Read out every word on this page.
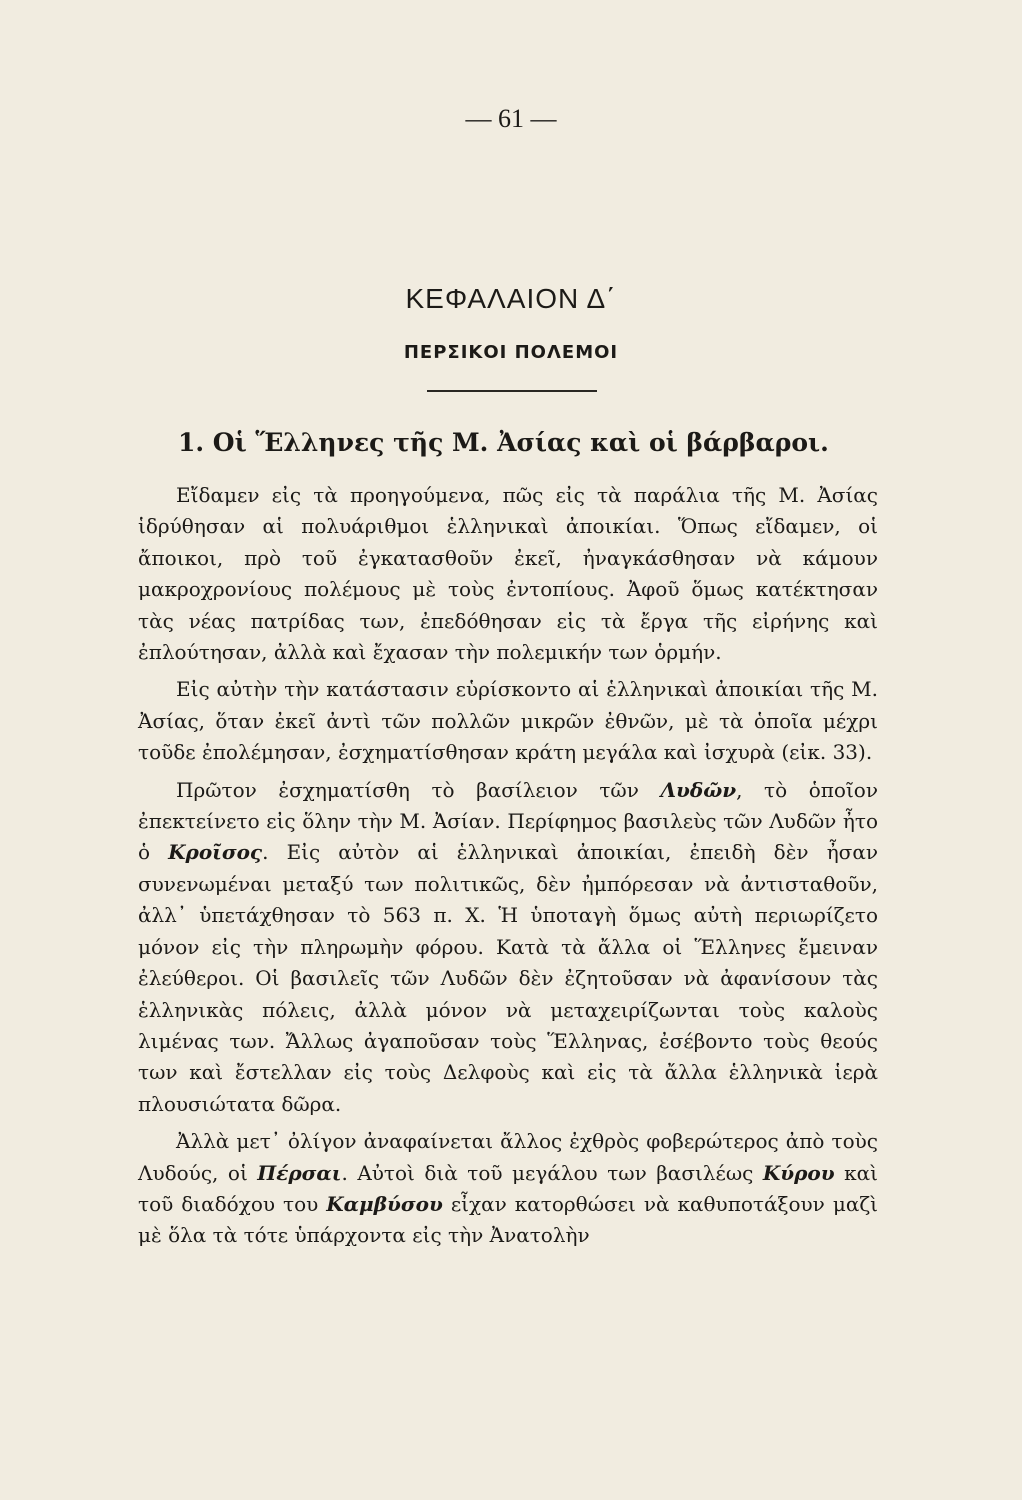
— 61 —
ΚΕΦΑΛΑΙΟΝ Δ΄
ΠΕΡΣΙΚΟΙ ΠΟΛΕΜΟΙ
1. Οἱ Ἕλληνες τῆς Μ. Ἀσίας καὶ οἱ βάρβαροι.

Εἴδαμεν εἰς τὰ προηγούμενα, πῶς εἰς τὰ παράλια τῆς Μ. Ἀσίας ἱδρύθησαν αἱ πολυάριθμοι ἑλληνικαὶ ἀποικίαι. Ὅπως εἴδαμεν, οἱ ἄποικοι, πρὸ τοῦ ἐγκατασθοῦν ἐκεῖ, ἠναγκάσθησαν νὰ κάμουν μακροχρονίους πολέμους μὲ τοὺς ἐντοπίους. Ἀφοῦ ὅμως κατέκτησαν τὰς νέας πατρίδας των, ἐπεδόθησαν εἰς τὰ ἔργα τῆς εἰρήνης καὶ ἐπλούτησαν, ἀλλὰ καὶ ἔχασαν τὴν πολεμικήν των ὁρμήν.

Εἰς αὐτὴν τὴν κατάστασιν εὑρίσκοντο αἱ ἑλληνικαὶ ἀποικίαι τῆς Μ. Ἀσίας, ὅταν ἐκεῖ ἀντὶ τῶν πολλῶν μικρῶν ἐθνῶν, μὲ τὰ ὁποῖα μέχρι τοῦδε ἐπολέμησαν, ἐσχηματίσθησαν κράτη μεγάλα καὶ ἰσχυρὰ (εἰκ. 33).

Πρῶτον ἐσχηματίσθη τὸ βασίλειον τῶν Λυδῶν, τὸ ὁποῖον ἐπεκτείνετο εἰς ὅλην τὴν Μ. Ἀσίαν. Περίφημος βασιλεὺς τῶν Λυδῶν ἦτο ὁ Κροῖσος. Εἰς αὐτὸν αἱ ἑλληνικαὶ ἀποικίαι, ἐπειδὴ δὲν ἦσαν συνενωμέναι μεταξύ των πολιτικῶς, δὲν ἠμπόρεσαν νὰ ἀντισταθοῦν, ἀλλ᾽ ὑπετάχθησαν τὸ 563 π. Χ. Ἡ ὑποταγὴ ὅμως αὐτὴ περιωρίζετο μόνον εἰς τὴν πληρωμὴν φόρου. Κατὰ τὰ ἄλλα οἱ Ἕλληνες ἔμειναν ἐλεύθεροι. Οἱ βασιλεῖς τῶν Λυδῶν δὲν ἐζητοῦσαν νὰ ἀφανίσουν τὰς ἑλληνικὰς πόλεις, ἀλλὰ μόνον νὰ μεταχειρίζωνται τοὺς καλοὺς λιμένας των. Ἄλλως ἀγαποῦσαν τοὺς Ἕλληνας, ἐσέβοντο τοὺς θεούς των καὶ ἔστελλαν εἰς τοὺς Δελφοὺς καὶ εἰς τὰ ἄλλα ἑλληνικὰ ἱερὰ πλουσιώτατα δῶρα.

Ἀλλὰ μετ᾽ ὀλίγον ἀναφαίνεται ἄλλος ἐχθρὸς φοβερώτερος ἀπὸ τοὺς Λυδούς, οἱ Πέρσαι. Αὐτοὶ διὰ τοῦ μεγάλου των βασιλέως Κύρου καὶ τοῦ διαδόχου του Καμβύσου εἶχαν κατορθώσει νὰ καθυποτάξουν μαζὶ μὲ ὅλα τὰ τότε ὑπάρχοντα εἰς τὴν Ἀνατολὴν
